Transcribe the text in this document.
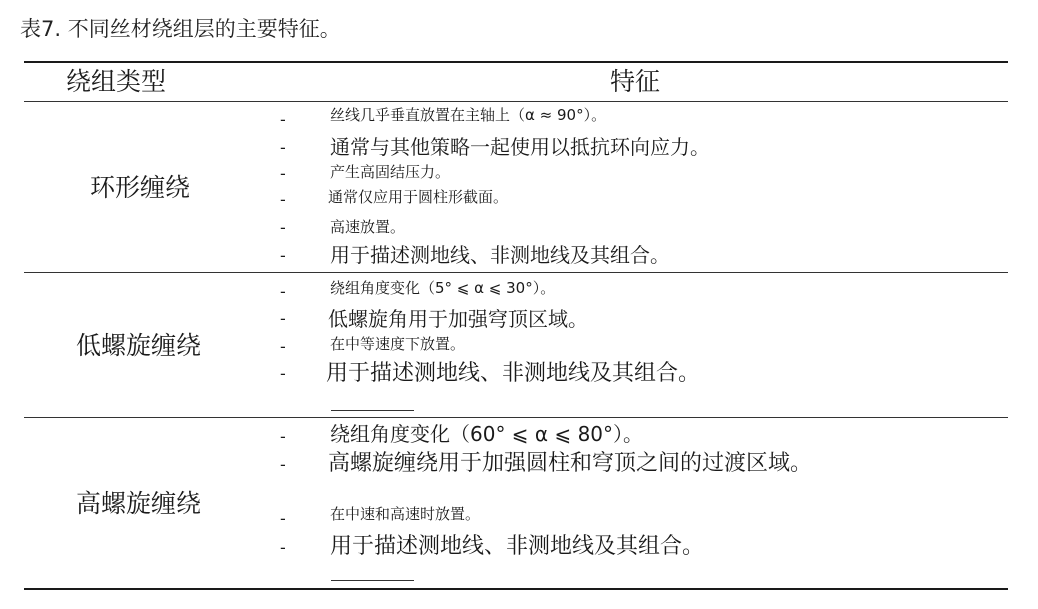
表7. 不同丝材绕组层的主要特征。
绕组类型	特征
环形缠绕
-	丝线几乎垂直放置在主轴上（α ≈ 90°）。
- 通常与其他策略一起使用以抵抗环向应力。
-	产生高固结压力。
-	通常仅应用于圆柱形截面。
-	高速放置。
- 用于描述测地线、非测地线及其组合。
低螺旋缠绕
-	绕组角度变化（5° ⩽ α ⩽ 30°）。
- 低螺旋角用于加强穹顶区域。
-	在中等速度下放置。
- 用于描述测地线、非测地线及其组合。
高螺旋缠绕
- 绕组角度变化（60° ⩽ α ⩽ 80°）。
- 高螺旋缠绕用于加强圆柱和穹顶之间的过渡区域。
-	在中速和高速时放置。
- 用于描述测地线、非测地线及其组合。
